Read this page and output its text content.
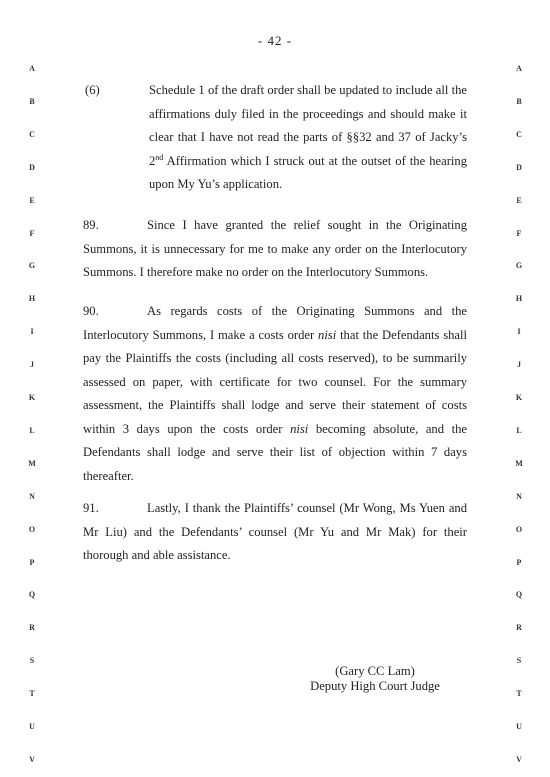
- 42 -
A
B
C
D
E
F
G
H
I
J
K
L
M
N
O
P
Q
R
S
T
U
V
A
B
C
D
E
F
G
H
I
J
K
L
M
N
O
P
Q
R
S
T
U
V
(6)	Schedule 1 of the draft order shall be updated to include all the affirmations duly filed in the proceedings and should make it clear that I have not read the parts of §§32 and 37 of Jacky’s 2nd Affirmation which I struck out at the outset of the hearing upon My Yu’s application.
89.	Since I have granted the relief sought in the Originating Summons, it is unnecessary for me to make any order on the Interlocutory Summons. I therefore make no order on the Interlocutory Summons.
90.	As regards costs of the Originating Summons and the Interlocutory Summons, I make a costs order nisi that the Defendants shall pay the Plaintiffs the costs (including all costs reserved), to be summarily assessed on paper, with certificate for two counsel. For the summary assessment, the Plaintiffs shall lodge and serve their statement of costs within 3 days upon the costs order nisi becoming absolute, and the Defendants shall lodge and serve their list of objection within 7 days thereafter.
91.	Lastly, I thank the Plaintiffs’ counsel (Mr Wong, Ms Yuen and Mr Liu) and the Defendants’ counsel (Mr Yu and Mr Mak) for their thorough and able assistance.
(Gary CC Lam)
Deputy High Court Judge
